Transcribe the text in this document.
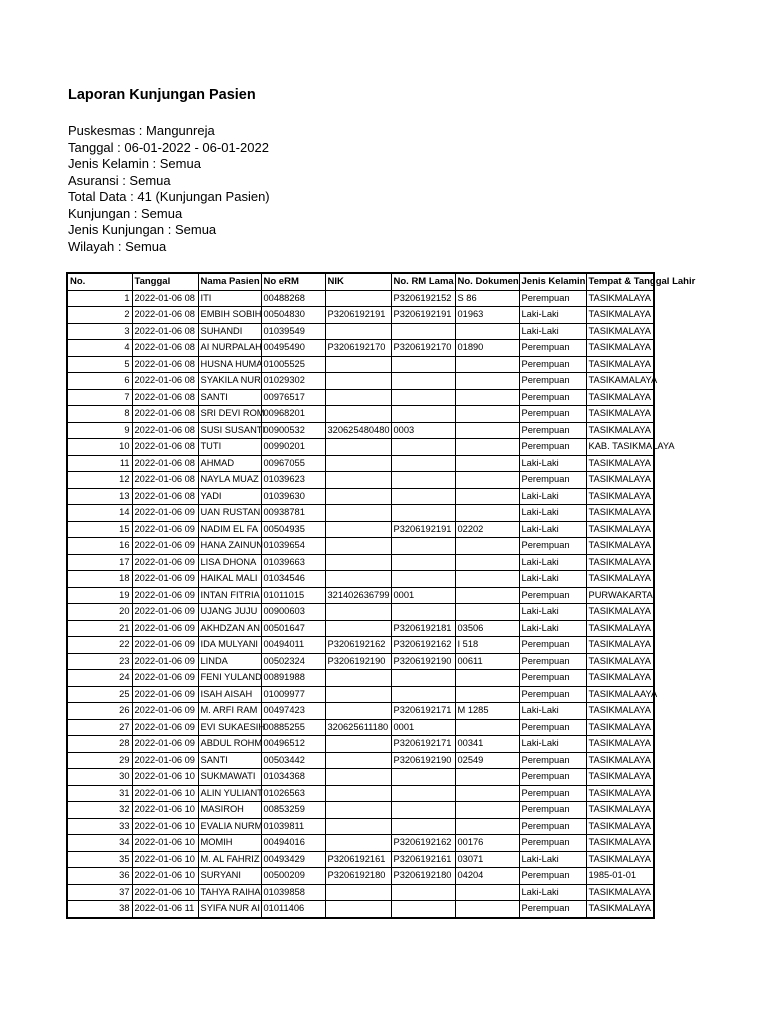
Laporan Kunjungan Pasien
Puskesmas : Mangunreja
Tanggal : 06-01-2022 - 06-01-2022
Jenis Kelamin : Semua
Asuransi : Semua
Total Data : 41 (Kunjungan Pasien)
Kunjungan : Semua
Jenis Kunjungan : Semua
Wilayah : Semua
No.	Tanggal	Nama Pasien	No eRM	NIK	No. RM Lama	No. Dokumen	Jenis Kelamin	Tempat & Tanggal Lahir
1	2022-01-06 08	ITI	00488268		P3206192152	S 86	Perempuan	TASIKMALAYA
2	2022-01-06 08	EMBIH SOBIH	00504830	P3206192191	P3206192191	01963	Laki-Laki	TASIKMALAYA
3	2022-01-06 08	SUHANDI	01039549				Laki-Laki	TASIKMALAYA
4	2022-01-06 08	AI NURPALAH	00495490	P3206192170	P3206192170	01890	Perempuan	TASIKMALAYA
5	2022-01-06 08	HUSNA HUMA	01005525				Perempuan	TASIKMALAYA
6	2022-01-06 08	SYAKILA NUR	01029302				Perempuan	TASIKAMALAYA
7	2022-01-06 08	SANTI	00976517				Perempuan	TASIKMALAYA
8	2022-01-06 08	SRI DEVI ROM	00968201				Perempuan	TASIKMALAYA
9	2022-01-06 08	SUSI SUSANTI	00900532	320625480480	0003		Perempuan	TASIKMALAYA
10	2022-01-06 08	TUTI	00990201				Perempuan	KAB. TASIKMALAYA
11	2022-01-06 08	AHMAD	00967055				Laki-Laki	TASIKMALAYA
12	2022-01-06 08	NAYLA MUAZ	01039623				Perempuan	TASIKMALAYA
13	2022-01-06 08	YADI	01039630				Laki-Laki	TASIKMALAYA
14	2022-01-06 09	UAN RUSTAN	00938781				Laki-Laki	TASIKMALAYA
15	2022-01-06 09	NADIM EL FA	00504935		P3206192191	02202	Laki-Laki	TASIKMALAYA
16	2022-01-06 09	HANA ZAINUN	01039654				Perempuan	TASIKMALAYA
17	2022-01-06 09	LISA DHONA	01039663				Laki-Laki	TASIKMALAYA
18	2022-01-06 09	HAIKAL MALI	01034546				Laki-Laki	TASIKMALAYA
19	2022-01-06 09	INTAN FITRIA	01011015	321402636799	0001		Perempuan	PURWAKARTA
20	2022-01-06 09	UJANG JUJU	00900603				Laki-Laki	TASIKMALAYA
21	2022-01-06 09	AKHDZAN AN	00501647		P3206192181	03506	Laki-Laki	TASIKMALAYA
22	2022-01-06 09	IDA MULYANI	00494011	P3206192162	P3206192162	I 518	Perempuan	TASIKMALAYA
23	2022-01-06 09	LINDA	00502324	P3206192190	P3206192190	00611	Perempuan	TASIKMALAYA
24	2022-01-06 09	FENI YULAND	00891988				Perempuan	TASIKMALAYA
25	2022-01-06 09	ISAH AISAH	01009977				Perempuan	TASIKMALAAYA
26	2022-01-06 09	M. ARFI RAM	00497423		P3206192171	M 1285	Laki-Laki	TASIKMALAYA
27	2022-01-06 09	EVI SUKAESIH	00885255	320625611180	0001		Perempuan	TASIKMALAYA
28	2022-01-06 09	ABDUL ROHM	00496512		P3206192171	00341	Laki-Laki	TASIKMALAYA
29	2022-01-06 09	SANTI	00503442		P3206192190	02549	Perempuan	TASIKMALAYA
30	2022-01-06 10	SUKMAWATI	01034368				Perempuan	TASIKMALAYA
31	2022-01-06 10	ALIN YULIANT	01026563				Perempuan	TASIKMALAYA
32	2022-01-06 10	MASIROH	00853259				Perempuan	TASIKMALAYA
33	2022-01-06 10	EVALIA NURM	01039811				Perempuan	TASIKMALAYA
34	2022-01-06 10	MOMIH	00494016		P3206192162	00176	Perempuan	TASIKMALAYA
35	2022-01-06 10	M. AL FAHRIZ	00493429	P3206192161	P3206192161	03071	Laki-Laki	TASIKMALAYA
36	2022-01-06 10	SURYANI	00500209	P3206192180	P3206192180	04204	Perempuan	1985-01-01
37	2022-01-06 10	TAHYA RAIHA	01039858				Laki-Laki	TASIKMALAYA
38	2022-01-06 11	SYIFA NUR AI	01011406				Perempuan	TASIKMALAYA
